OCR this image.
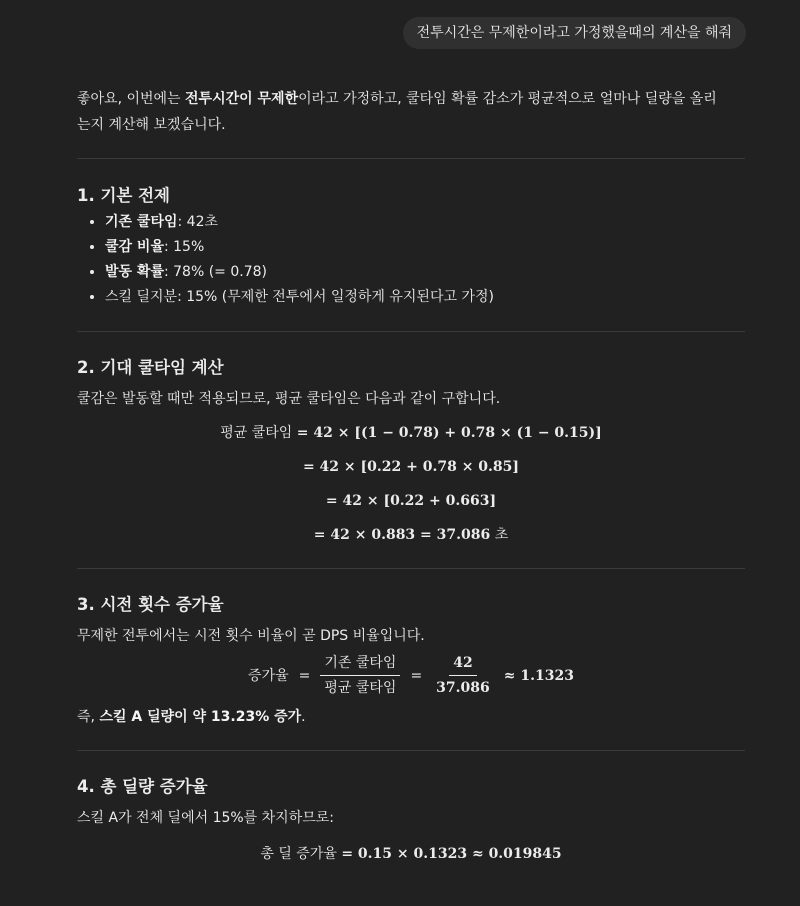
전투시간은 무제한이라고 가정했을때의 계산을 해줘

좋아요, 이번에는 전투시간이 무제한이라고 가정하고, 쿨타임 확률 감소가 평균적으로 얼마나 딜량을 올리
는지 계산해 보겠습니다.

1. 기본 전제

• 기존 쿨타임: 42초
• 쿨감 비율: 15%
• 발동 확률: 78% (= 0.78)
• 스킬 딜지분: 15% (무제한 전투에서 일정하게 유지된다고 가정)

2. 기대 쿨타임 계산

쿨감은 발동할 때만 적용되므로, 평균 쿨타임은 다음과 같이 구합니다.

평균 쿨타임 = 42 × [(1 − 0.78) + 0.78 × (1 − 0.15)]
= 42 × [0.22 + 0.78 × 0.85]
= 42 × [0.22 + 0.663]
= 42 × 0.883 = 37.086 초

3. 시전 횟수 증가율

무제한 전투에서는 시전 횟수 비율이 곧 DPS 비율입니다.

증가율 = $\frac{\text{기존 쿨타임}}{\text{평균 쿨타임}} = \frac{42}{37.086} \approx 1.1323$

즉, 스킬 A 딜량이 약 13.23% 증가.

4. 총 딜량 증가율

스킬 A가 전체 딜에서 15%를 차지하므로:

총 딜 증가율 = 0.15 × 0.1323 ≈ 0.019845
